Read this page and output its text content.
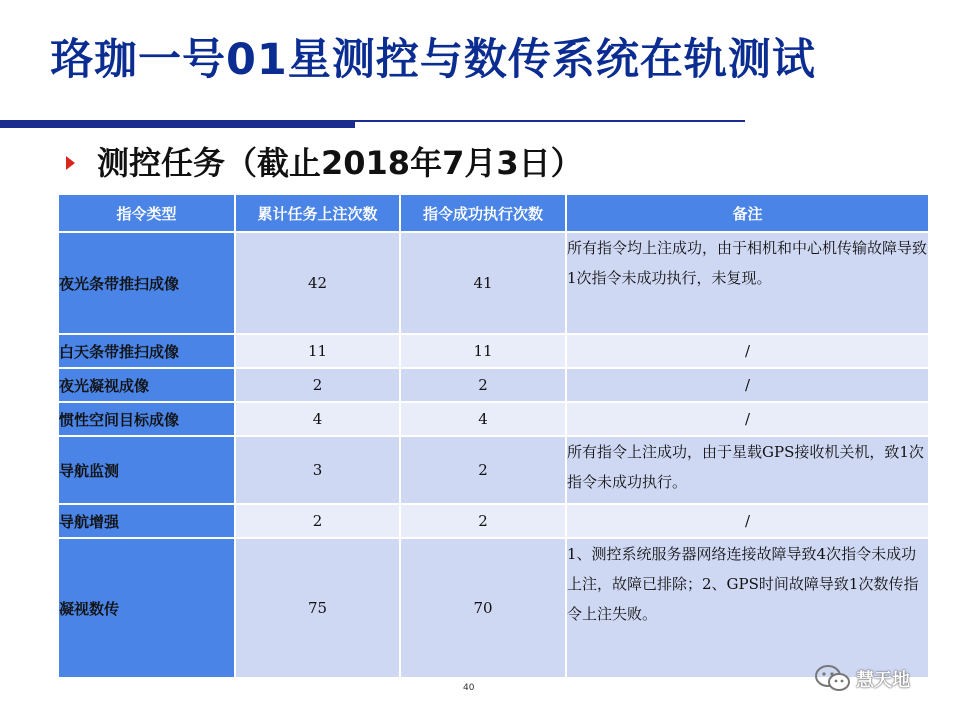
珞珈一号01星测控与数传系统在轨测试
测控任务（截止2018年7月3日）
指令类型	累计任务上注次数	指令成功执行次数	备注
夜光条带推扫成像	42	41	所有指令均上注成功，由于相机和中心机传输故障导致1次指令未成功执行，未复现。
白天条带推扫成像	11	11	/
夜光凝视成像	2	2	/
惯性空间目标成像	4	4	/
导航监测	3	2	所有指令上注成功，由于星载GPS接收机关机，致1次指令未成功执行。
导航增强	2	2	/
凝视数传	75	70	1、测控系统服务器网络连接故障导致4次指令未成功上注，故障已排除；2、GPS时间故障导致1次数传指令上注失败。
40	慧天地
